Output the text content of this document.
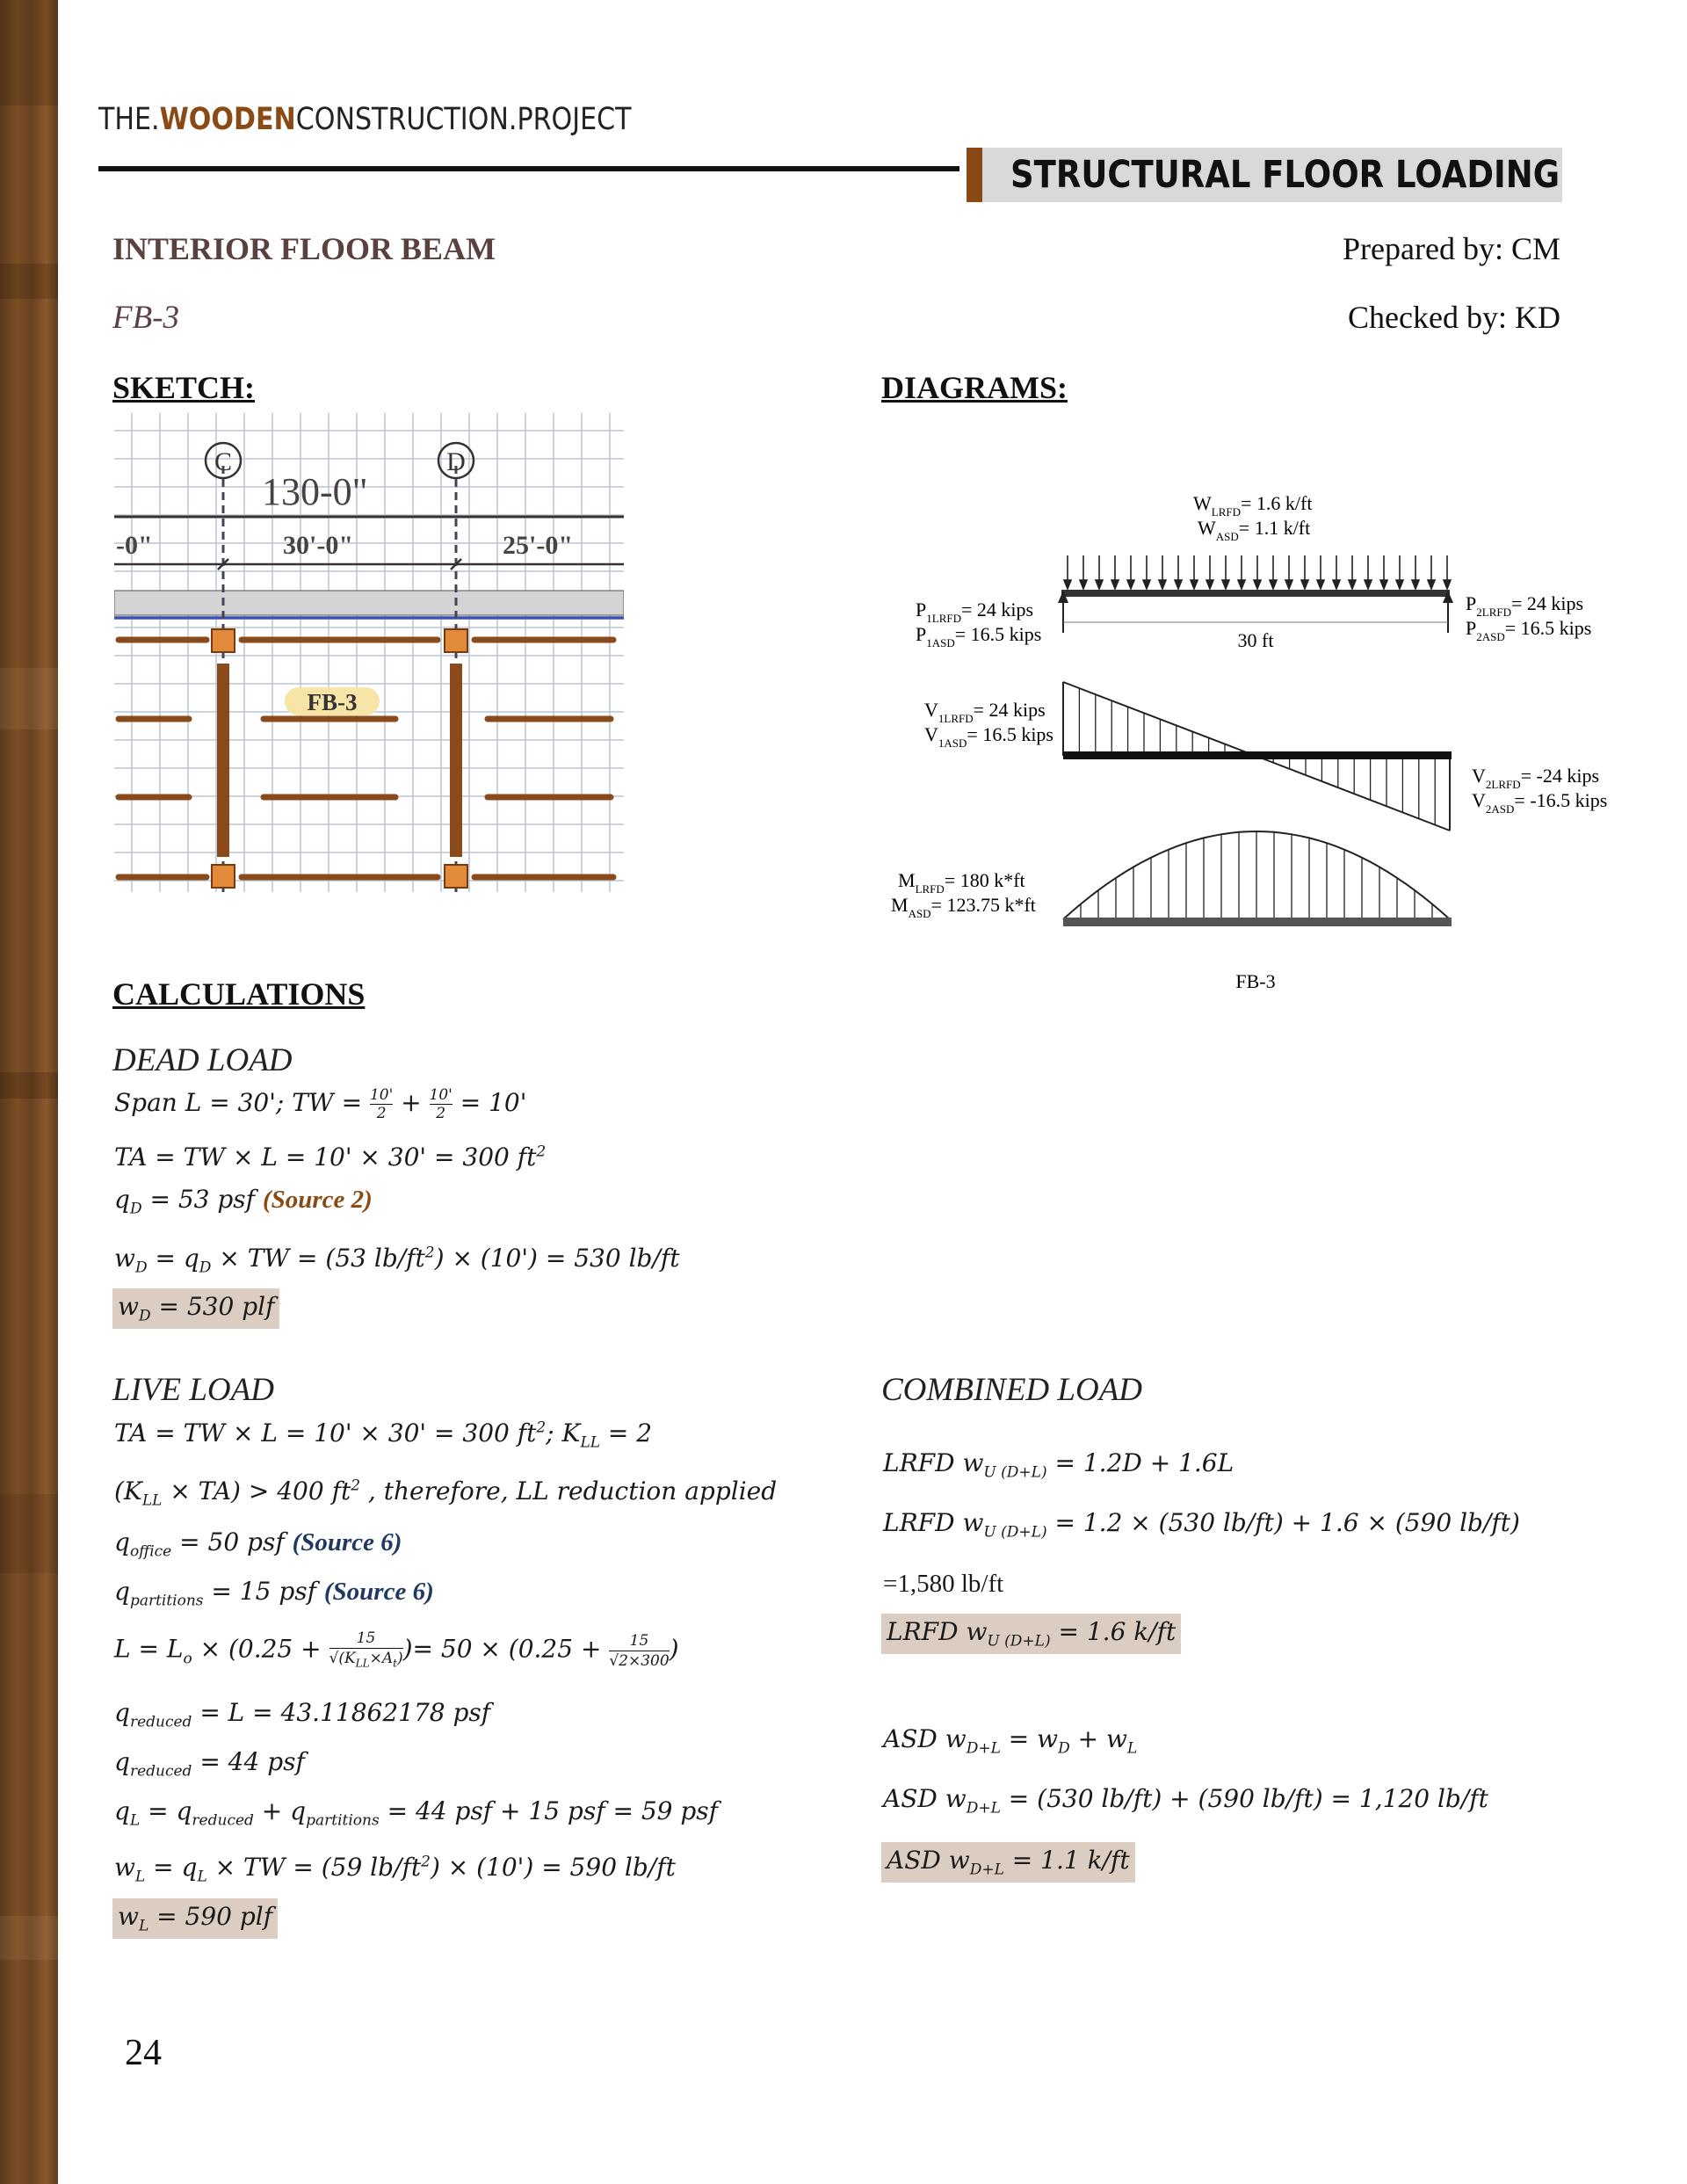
THE.WOODENCONSTRUCTION.PROJECT
STRUCTURAL FLOOR LOADING
INTERIOR FLOOR BEAM
FB-3
Prepared by: CM
Checked by: KD
SKETCH:	DIAGRAMS:
C	D
130-0"
-0"	30'-0"	25'-0"
FB-3
$W_{LRFD}= 1.6$ k/ft
$W_{ASD}= 1.1$ k/ft
30 ft
$P_{1LRFD}= 24$ kips
$P_{1ASD}= 16.5$ kips
$P_{2LRFD}= 24$ kips
$P_{2ASD}= 16.5$ kips
$V_{1LRFD}= 24$ kips
$V_{1ASD}= 16.5$ kips
$V_{2LRFD}= -24$ kips
$V_{2ASD}= -16.5$ kips
$M_{LRFD}= 180$ k*ft
$M_{ASD}= 123.75$ k*ft
FB-3
CALCULATIONS
DEAD LOAD
Span L = 30'; TW = $\frac{10'}{2} + \frac{10'}{2} = 10'$
TA = TW × L = 10' × 30' = 300 $ft^2$
$q_D = 53$ psf (Source 2)
$w_D = q_D$ × TW = (53 $lb/ft^2) \times (10') = 530$ lb/ft
$w_D = 530$ plf
LIVE LOAD
TA = TW × L = 10' × 30' = 300 $ft^2$; $K_{LL} = 2$
$(K_{LL} \times TA) > 400$ $ft^2$ , therefore, LL reduction applied
$q_{office} = 50$ psf (Source 6)
$q_{partitions} = 15$ psf (Source 6)
$L = L_o \times (0.25$ +	15
$√(K_{LL}\times A_t)$ )= $50 \times (0.25 + \frac{15}{√2\times 300}$ )
$q_{reduced} = L = 43.11862178$ psf
$q_{reduced} = 44$ psf
$q_L = q_{reduced} + q_{partitions} = 44$ psf + 15 psf = 59 psf
$w_L = q_L$ × TW = (59 $lb/ft^2) \times (10') = 590$ lb/ft
$w_L = 590$ plf
COMBINED LOAD
LRFD $w_{U (D+L)} = 1.2D + 1.6L$
LRFD $w_{U (D+L)} = 1.2 \times (530$ lb/ft) + 1.6 × (590 lb/ft)
=1,580 lb/ft
LRFD $w_{U (D+L)} = 1.6$ k/ft
ASD $w_{D+L} = w_D + w_L$
ASD $w_{D+L} = (530$ lb/ft) + (590 lb/ft) = 1,120 lb/ft
ASD $w_{D+L} = 1.1$ k/ft
24
